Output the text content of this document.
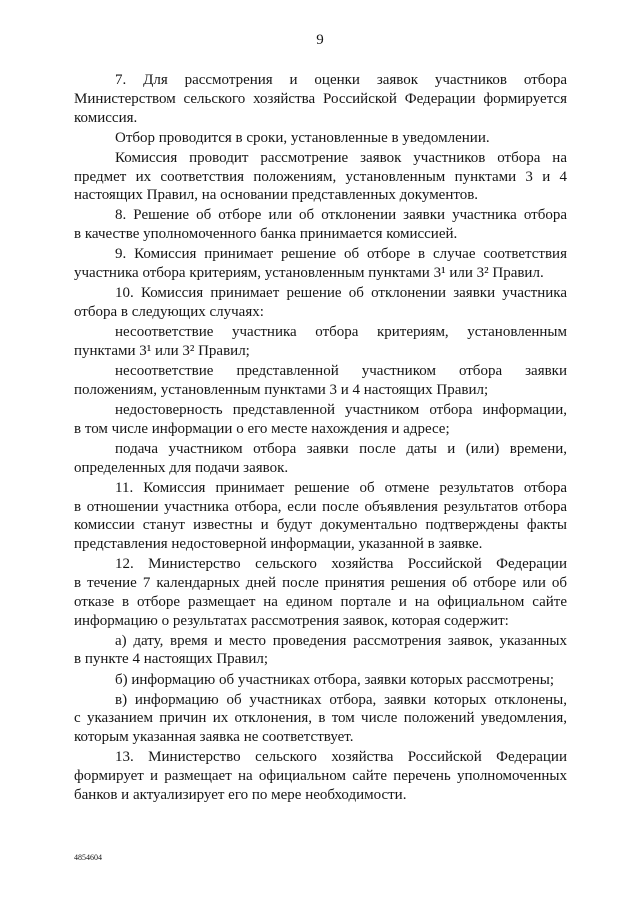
9
7. Для рассмотрения и оценки заявок участников отбора
Министерством сельского хозяйства Российской Федерации формируется
комиссия.
Отбор проводится в сроки, установленные в уведомлении.
Комиссия проводит рассмотрение заявок участников отбора на
предмет их соответствия положениям, установленным пунктами 3 и 4
настоящих Правил, на основании представленных документов.
8. Решение об отборе или об отклонении заявки участника отбора
в качестве уполномоченного банка принимается комиссией.
9. Комиссия принимает решение об отборе в случае соответствия
участника отбора критериям, установленным пунктами 3¹ или 3² Правил.
10. Комиссия принимает решение об отклонении заявки участника
отбора в следующих случаях:
несоответствие участника отбора критериям, установленным
пунктами 3¹ или 3² Правил;
несоответствие представленной участником отбора заявки
положениям, установленным пунктами 3 и 4 настоящих Правил;
недостоверность представленной участником отбора информации,
в том числе информации о его месте нахождения и адресе;
подача участником отбора заявки после даты и (или) времени,
определенных для подачи заявок.
11. Комиссия принимает решение об отмене результатов отбора
в отношении участника отбора, если после объявления результатов отбора
комиссии станут известны и будут документально подтверждены факты
представления недостоверной информации, указанной в заявке.
12. Министерство сельского хозяйства Российской Федерации
в течение 7 календарных дней после принятия решения об отборе или об
отказе в отборе размещает на едином портале и на официальном сайте
информацию о результатах рассмотрения заявок, которая содержит:
а) дату, время и место проведения рассмотрения заявок, указанных
в пункте 4 настоящих Правил;
б) информацию об участниках отбора, заявки которых рассмотрены;
в) информацию об участниках отбора, заявки которых отклонены,
с указанием причин их отклонения, в том числе положений уведомления,
которым указанная заявка не соответствует.
13. Министерство сельского хозяйства Российской Федерации
формирует и размещает на официальном сайте перечень уполномоченных
банков и актуализирует его по мере необходимости.
4854604
